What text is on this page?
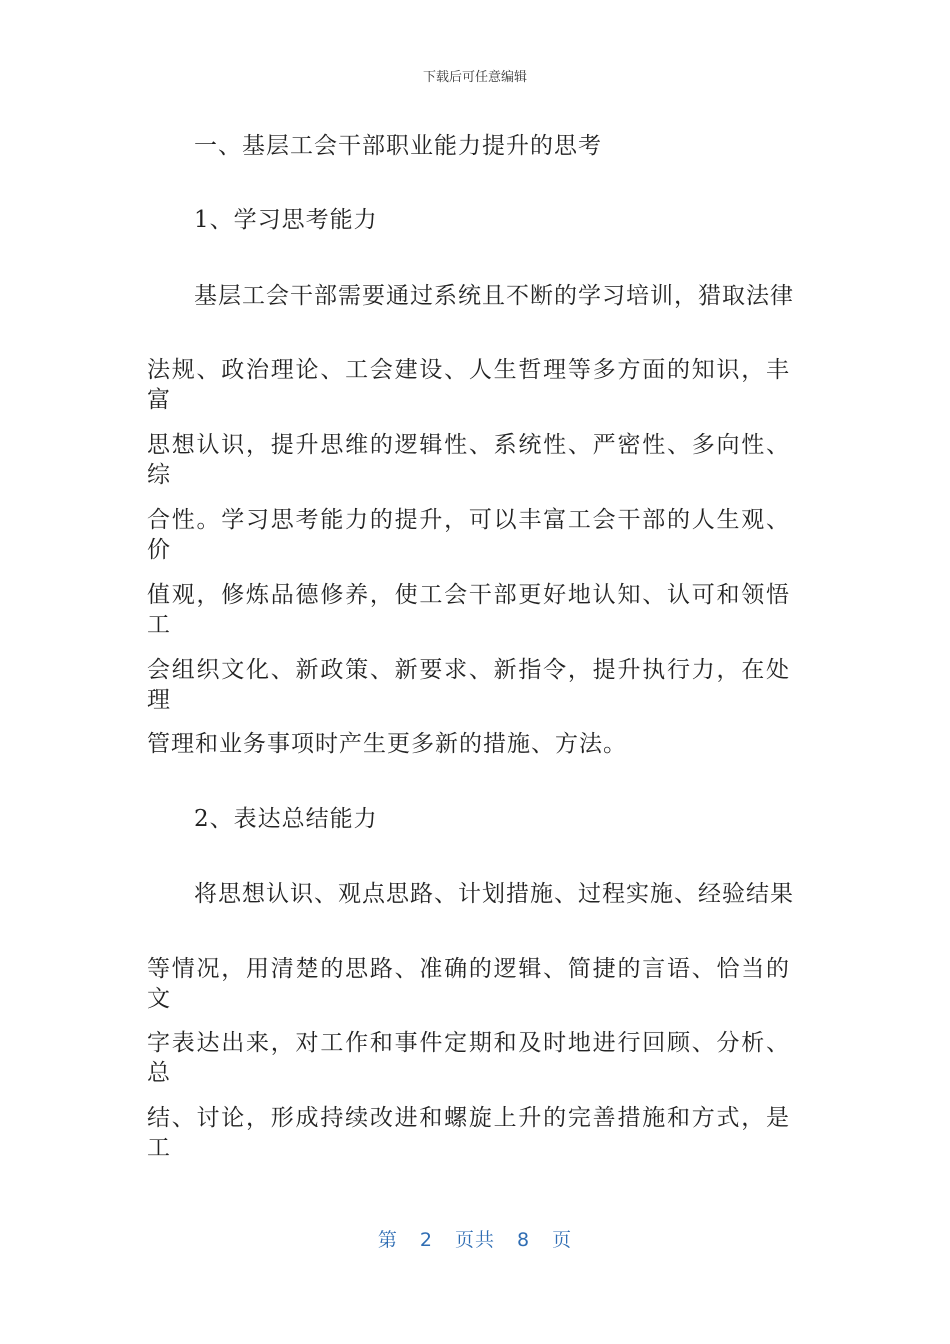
下载后可任意编辑
一、基层工会干部职业能力提升的思考
1、学习思考能力
基层工会干部需要通过系统且不断的学习培训，猎取法律
法规、政治理论、工会建设、人生哲理等多方面的知识，丰富
思想认识，提升思维的逻辑性、系统性、严密性、多向性、综
合性。学习思考能力的提升，可以丰富工会干部的人生观、价
值观，修炼品德修养，使工会干部更好地认知、认可和领悟工
会组织文化、新政策、新要求、新指令，提升执行力，在处理
管理和业务事项时产生更多新的措施、方法。
2、表达总结能力
将思想认识、观点思路、计划措施、过程实施、经验结果
等情况，用清楚的思路、准确的逻辑、简捷的言语、恰当的文
字表达出来，对工作和事件定期和及时地进行回顾、分析、总
结、讨论，形成持续改进和螺旋上升的完善措施和方式，是工
第 2 页共 8 页
